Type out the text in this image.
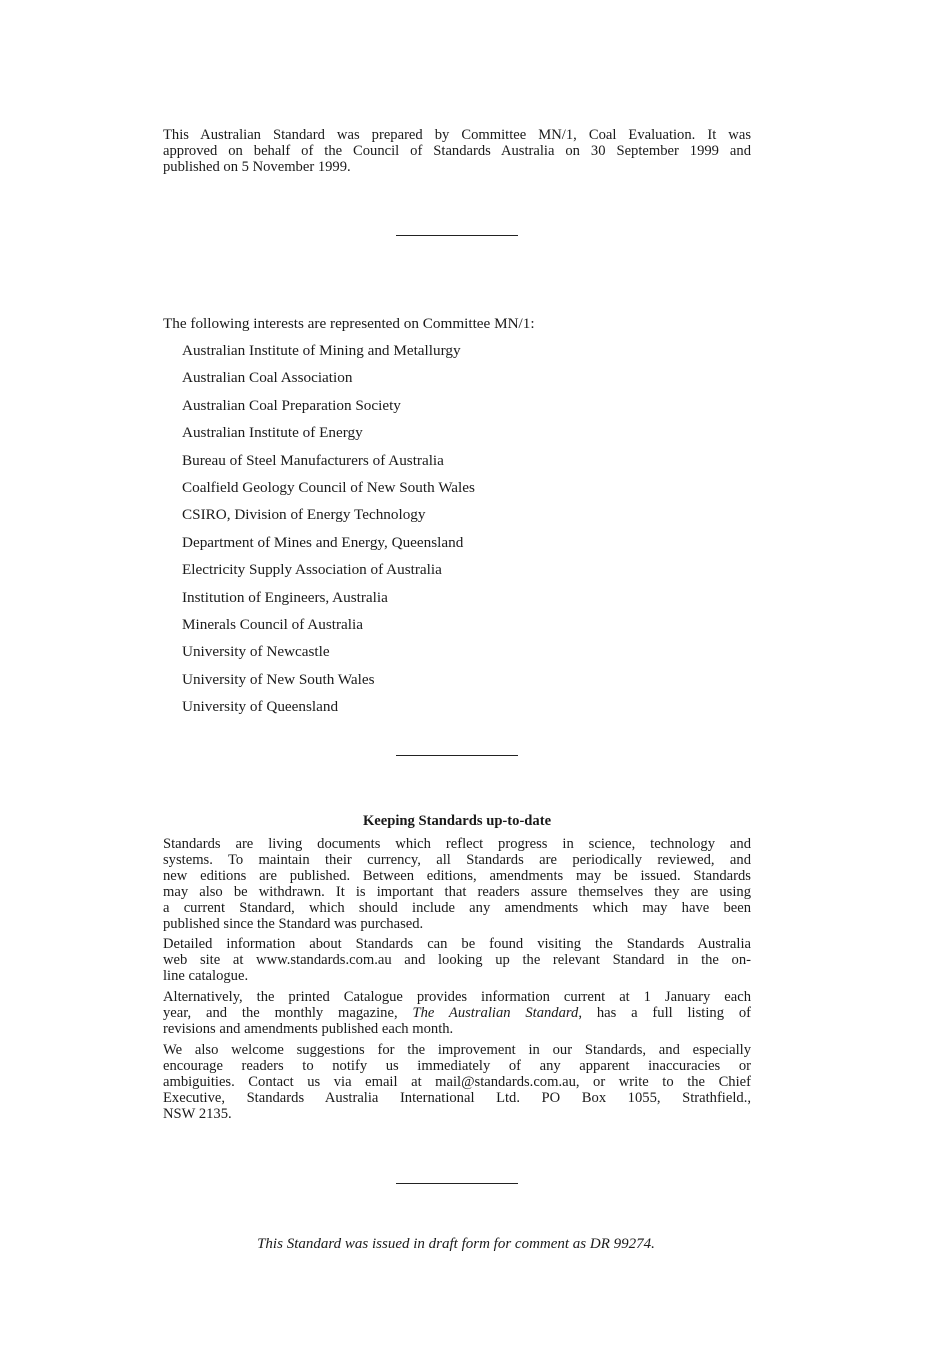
This Australian Standard was prepared by Committee MN/1, Coal Evaluation. It was
approved on behalf of the Council of Standards Australia on 30 September 1999 and
published on 5 November 1999.
The following interests are represented on Committee MN/1:
Australian Institute of Mining and Metallurgy
Australian Coal Association
Australian Coal Preparation Society
Australian Institute of Energy
Bureau of Steel Manufacturers of Australia
Coalfield Geology Council of New South Wales
CSIRO, Division of Energy Technology
Department of Mines and Energy, Queensland
Electricity Supply Association of Australia
Institution of Engineers, Australia
Minerals Council of Australia
University of Newcastle
University of New South Wales
University of Queensland
Keeping Standards up-to-date
Standards are living documents which reflect progress in science, technology and
systems. To maintain their currency, all Standards are periodically reviewed, and
new editions are published. Between editions, amendments may be issued. Standards
may also be withdrawn. It is important that readers assure themselves they are using
a current Standard, which should include any amendments which may have been
published since the Standard was purchased.
Detailed information about Standards can be found visiting the Standards Australia
web site at www.standards.com.au and looking up the relevant Standard in the on-
line catalogue.
Alternatively, the printed Catalogue provides information current at 1 January each
year, and the monthly magazine, The Australian Standard, has a full listing of
revisions and amendments published each month.
We also welcome suggestions for the improvement in our Standards, and especially
encourage readers to notify us immediately of any apparent inaccuracies or
ambiguities. Contact us via email at mail@standards.com.au, or write to the Chief
Executive, Standards Australia International Ltd. PO Box 1055, Strathfield.,
NSW 2135.
This Standard was issued in draft form for comment as DR 99274.
